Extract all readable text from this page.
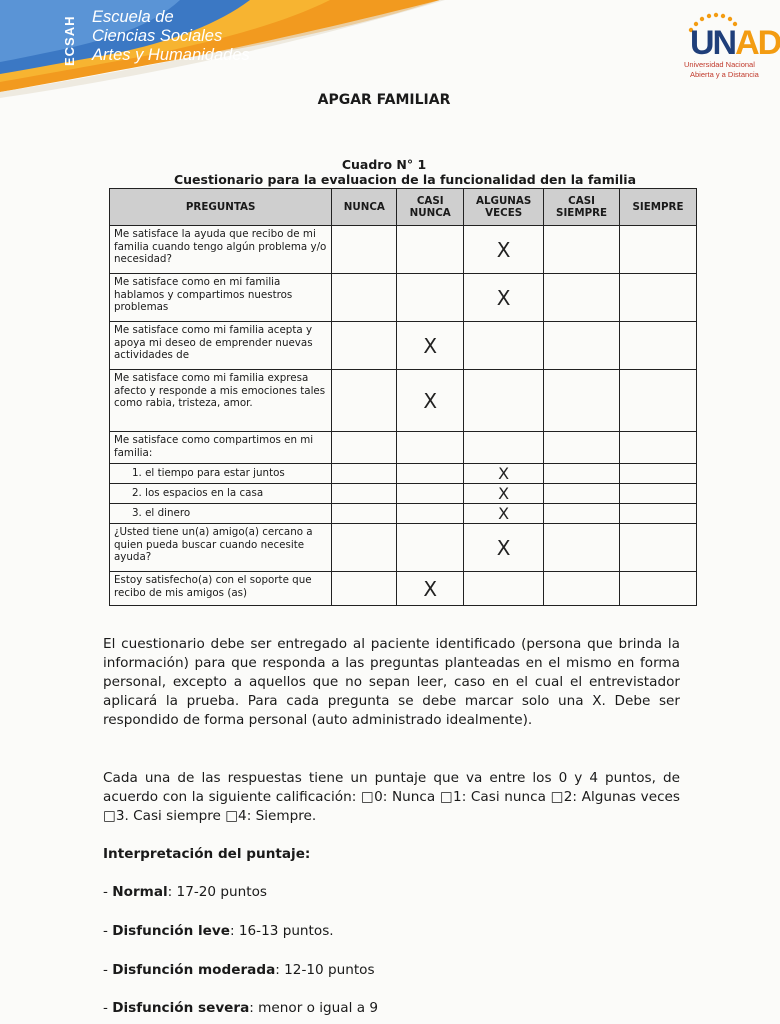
ECSAH Escuela de
Ciencias Sociales
Artes y Humanidades	UNAD
Universidad Nacional
Abierta y a Distancia
APGAR FAMILIAR
Cuadro N° 1
Cuestionario para la evaluacion de la funcionalidad den la familia
PREGUNTAS	NUNCA	CASI NUNCA	ALGUNAS VECES	CASI SIEMPRE	SIEMPRE
Me satisface la ayuda que recibo de mi familia cuando tengo algún problema y/o necesidad?			X		
Me satisface como en mi familia hablamos y compartimos nuestros problemas			X		
Me satisface como mi familia acepta y apoya mi deseo de emprender nuevas actividades de		X			
Me satisface como mi familia expresa afecto y responde a mis emociones tales como rabia, tristeza, amor.		X			
Me satisface como compartimos en mi familia:					
1. el tiempo para estar juntos			X		
2. los espacios en la casa			X		
3. el dinero			X		
¿Usted tiene un(a) amigo(a) cercano a quien pueda buscar cuando necesite ayuda?			X		
Estoy satisfecho(a) con el soporte que recibo de mis amigos (as)		X			
El cuestionario debe ser entregado al paciente identificado (persona que brinda la información) para que responda a las preguntas planteadas en el mismo en forma personal, excepto a aquellos que no sepan leer, caso en el cual el entrevistador aplicará la prueba. Para cada pregunta se debe marcar solo una X. Debe ser respondido de forma personal (auto administrado idealmente).
Cada una de las respuestas tiene un puntaje que va entre los 0 y 4 puntos, de acuerdo con la siguiente calificación: □0: Nunca □1: Casi nunca □2: Algunas veces □3. Casi siempre □4: Siempre.
Interpretación del puntaje:
- Normal: 17-20 puntos
- Disfunción leve: 16-13 puntos.
- Disfunción moderada: 12-10 puntos
- Disfunción severa: menor o igual a 9
